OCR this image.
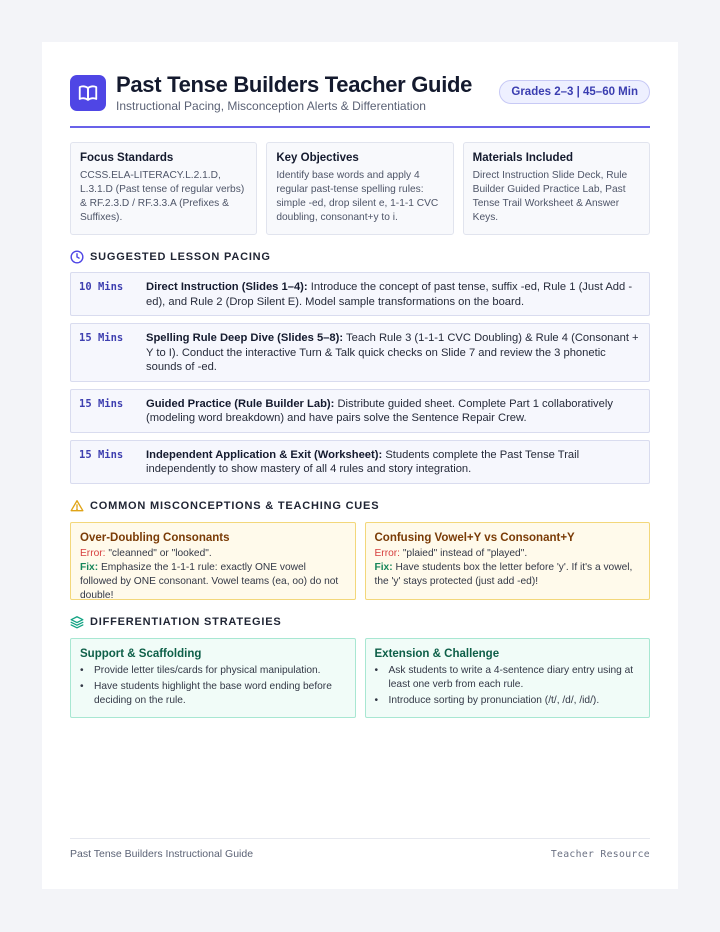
Past Tense Builders Teacher Guide
Instructional Pacing, Misconception Alerts & Differentiation
Grades 2–3 | 45–60 Min
Focus Standards

CCSS.ELA-LITERACY.L.2.1.D, L.3.1.D (Past tense of regular verbs) & RF.2.3.D / RF.3.3.A (Prefixes & Suffixes).

Key Objectives

Identify base words and apply 4 regular past-tense spelling rules: simple -ed, drop silent e, 1-1-1 CVC doubling, consonant+y to i.

Materials Included

Direct Instruction Slide Deck, Rule Builder Guided Practice Lab, Past Tense Trail Worksheet & Answer Keys.

SUGGESTED LESSON PACING
10 Mins	Direct Instruction (Slides 1–4): Introduce the concept of past tense, suffix -ed, Rule 1 (Just Add -ed), and Rule 2 (Drop Silent E). Model sample transformations on the board.
15 Mins	Spelling Rule Deep Dive (Slides 5–8): Teach Rule 3 (1-1-1 CVC Doubling) & Rule 4 (Consonant + Y to I). Conduct the interactive Turn & Talk quick checks on Slide 7 and review the 3 phonetic sounds of -ed.
15 Mins	Guided Practice (Rule Builder Lab): Distribute guided sheet. Complete Part 1 collaboratively (modeling word breakdown) and have pairs solve the Sentence Repair Crew.
15 Mins	Independent Application & Exit (Worksheet): Students complete the Past Tense Trail independently to show mastery of all 4 rules and story integration.
COMMON MISCONCEPTIONS & TEACHING CUES
Over-Doubling Consonants

Error: "cleanned" or "looked".

Fix: Emphasize the 1-1-1 rule: exactly ONE vowel followed by ONE consonant. Vowel teams (ea, oo) do not double!

Confusing Vowel+Y vs Consonant+Y

Error: "plaied" instead of "played".

Fix: Have students box the letter before 'y'. If it's a vowel, the 'y' stays protected (just add -ed)!

DIFFERENTIATION STRATEGIES
Support & Scaffolding
• Provide letter tiles/cards for physical manipulation.
• Have students highlight the base word ending before deciding on the rule.
Extension & Challenge
• Ask students to write a 4-sentence diary entry using at least one verb from each rule.
• Introduce sorting by pronunciation (/t/, /d/, /id/).
Past Tense Builders Instructional Guide	Teacher Resource
